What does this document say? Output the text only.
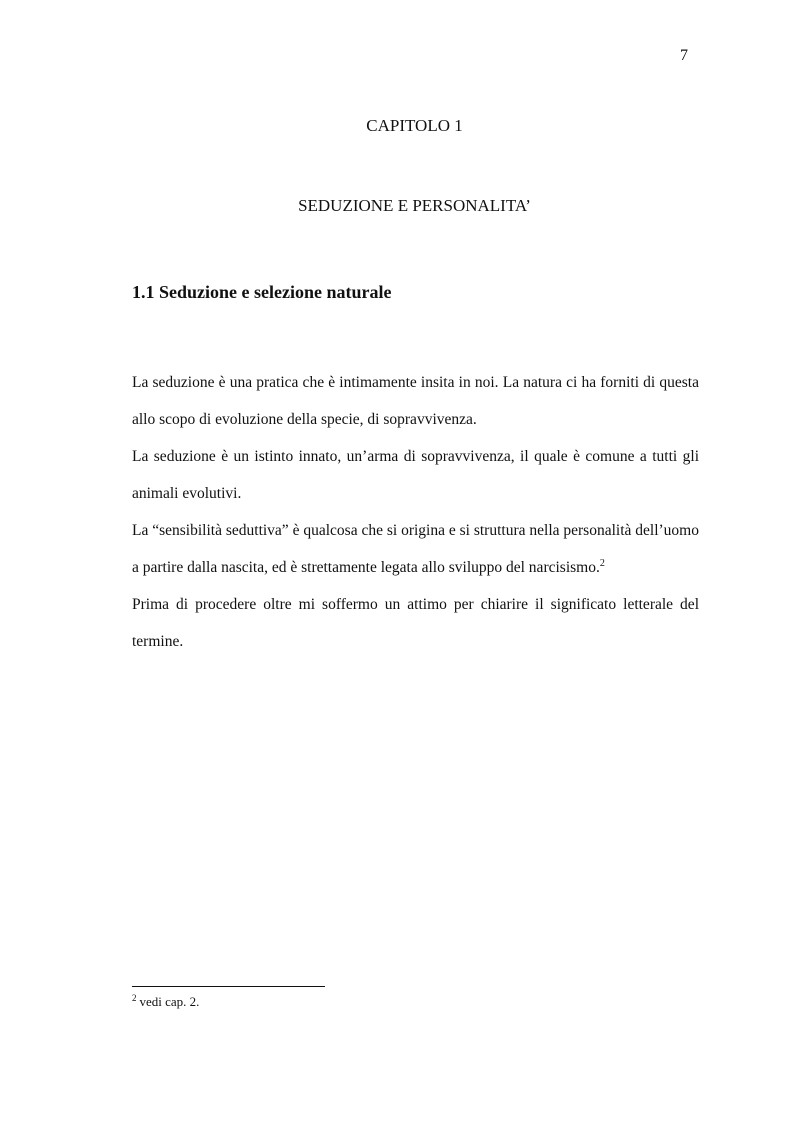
7
CAPITOLO 1
SEDUZIONE E PERSONALITA’
1.1 Seduzione e selezione naturale

La seduzione è una pratica che è intimamente insita in noi. La natura ci ha forniti di questa allo scopo di evoluzione della specie, di sopravvivenza.

La seduzione è un istinto innato, un’arma di sopravvivenza, il quale è comune a tutti gli animali evolutivi.

La “sensibilità seduttiva” è qualcosa che si origina e si struttura nella personalità dell’uomo a partire dalla nascita, ed è strettamente legata allo sviluppo del narcisismo.$^2$

Prima di procedere oltre mi soffermo un attimo per chiarire il significato letterale del termine.

$^2$ vedi cap. 2.
